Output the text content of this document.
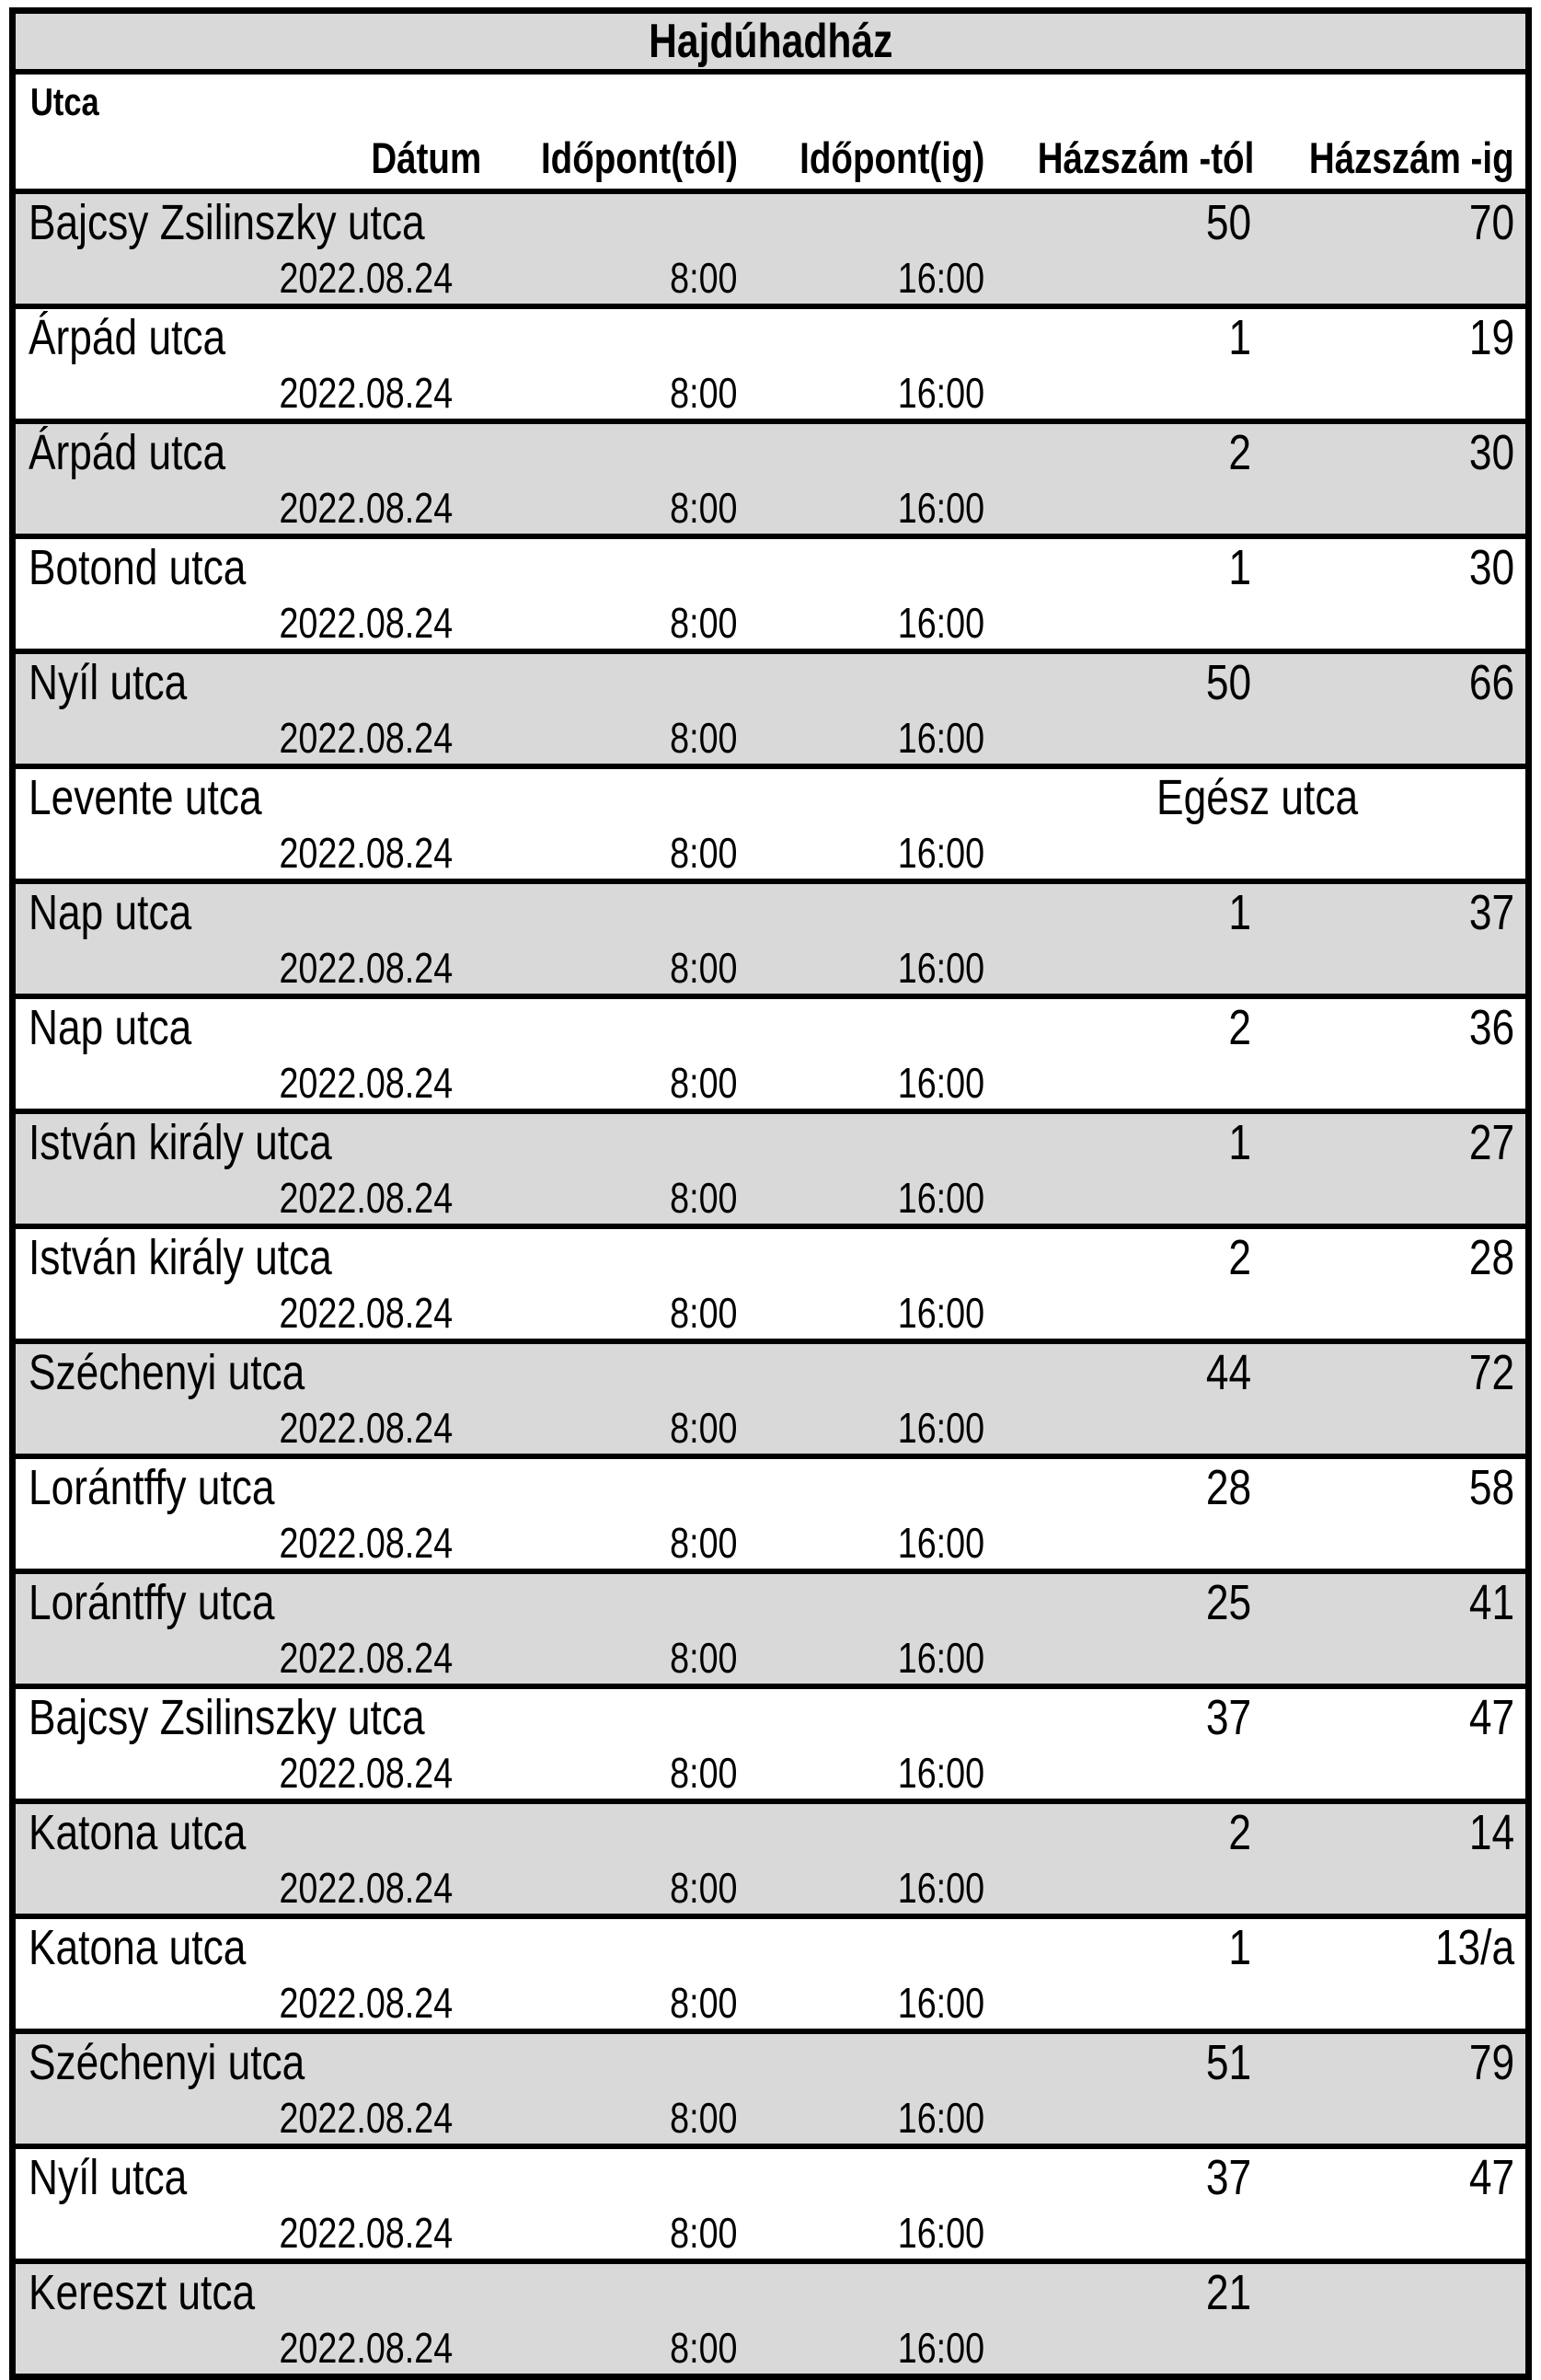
Hajdúhadház					
Utca					
	Dátum	Időpont(tól)	Időpont(ig)	Házszám -tól	Házszám -ig
Bajcsy Zsilinszky utca				50	70
	2022.08.24	8:00	16:00		
Árpád utca				1	19
	2022.08.24	8:00	16:00		
Árpád utca				2	30
	2022.08.24	8:00	16:00		
Botond utca				1	30
	2022.08.24	8:00	16:00		
Nyíl utca				50	66
	2022.08.24	8:00	16:00		
Levente utca				Egész utca	
	2022.08.24	8:00	16:00		
Nap utca				1	37
	2022.08.24	8:00	16:00		
Nap utca				2	36
	2022.08.24	8:00	16:00		
István király utca				1	27
	2022.08.24	8:00	16:00		
István király utca				2	28
	2022.08.24	8:00	16:00		
Széchenyi utca				44	72
	2022.08.24	8:00	16:00		
Lorántffy utca				28	58
	2022.08.24	8:00	16:00		
Lorántffy utca				25	41
	2022.08.24	8:00	16:00		
Bajcsy Zsilinszky utca				37	47
	2022.08.24	8:00	16:00		
Katona utca				2	14
	2022.08.24	8:00	16:00		
Katona utca				1	13/a
	2022.08.24	8:00	16:00		
Széchenyi utca				51	79
	2022.08.24	8:00	16:00		
Nyíl utca				37	47
	2022.08.24	8:00	16:00		
Kereszt utca				21	
	2022.08.24	8:00	16:00		
